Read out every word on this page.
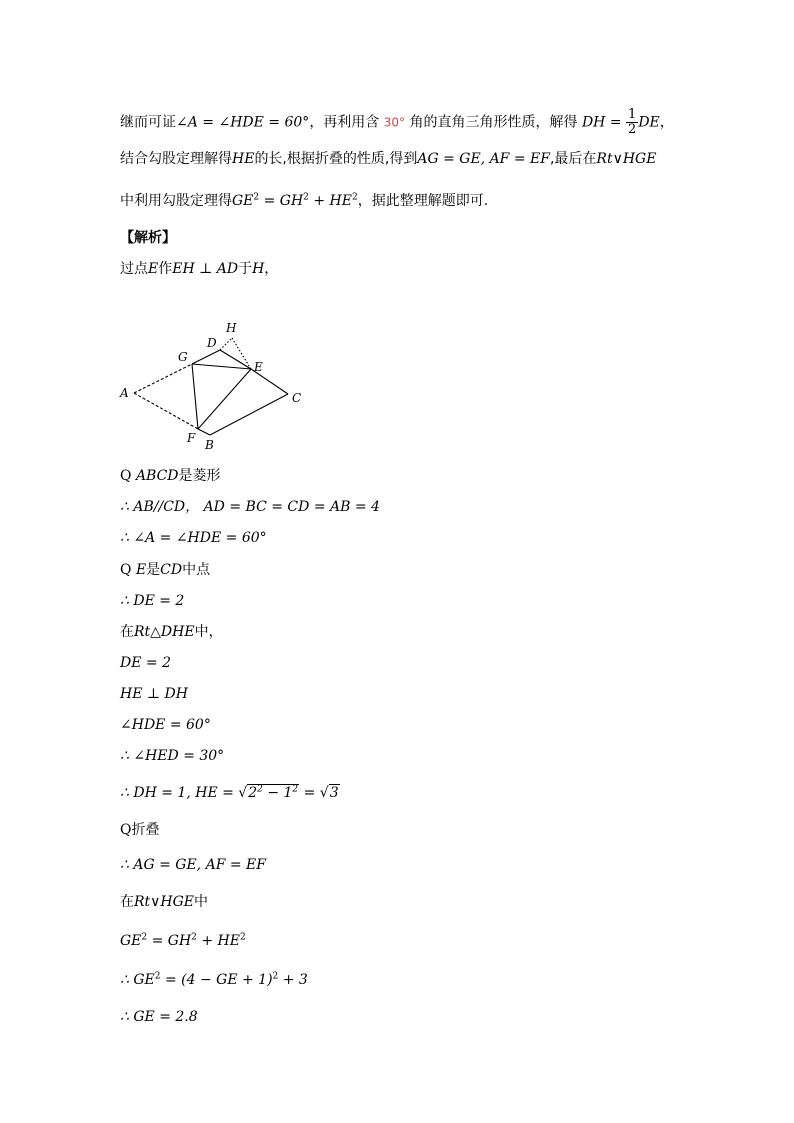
继而可证∠A = ∠HDE = 60°，再利用含 30° 角的直角三角形性质，解得 DH = $\frac{1}{2}$ DE，
结合勾股定理解得HE的长,根据折叠的性质,得到AG = GE, AF = EF,最后在Rt∨HGE
中利用勾股定理得$GE^2 = GH^2 + HE^2$，据此整理解题即可.
【解析】
过点E作EH ⊥ AD于H，
A
G
D
H
E
C
F B
Q ABCD是菱形
∴ AB//CD， AD = BC = CD = AB = 4
∴ ∠A = ∠HDE = 60°
Q E是CD中点
∴ DE = 2
在Rt△DHE中，
DE = 2
HE ⊥ DH
∠HDE = 60°
∴ ∠HED = 30°
∴ DH = 1, HE = $√2^2 - 1^2 = √3$
Q折叠
∴ AG = GE, AF = EF
在Rt∨HGE中
$GE^2 = GH^2 + HE^2$
∴ $GE^2 = (4$ − GE + 1)$^2$ + 3
∴ GE = 2.8
